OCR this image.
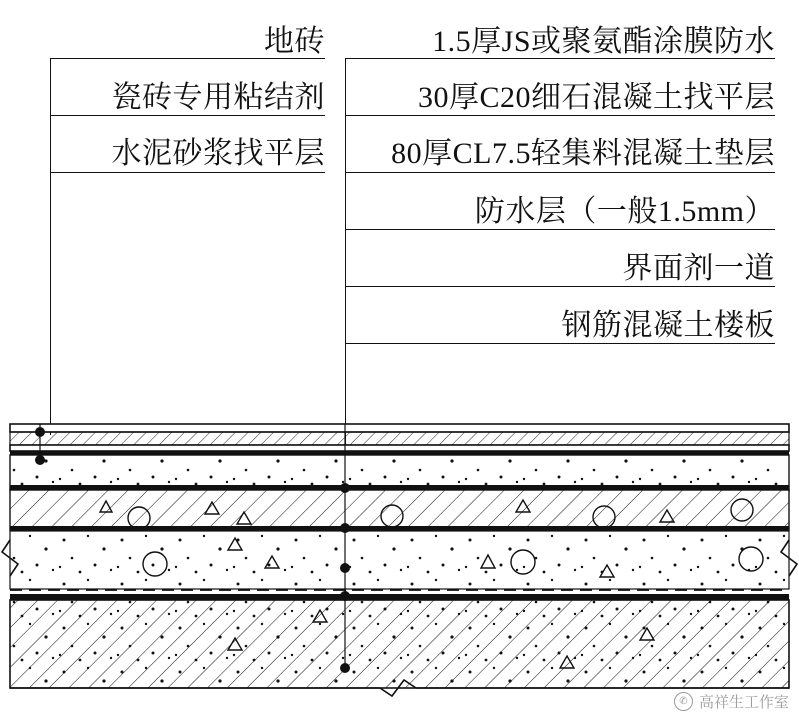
地砖
瓷砖专用粘结剂
水泥砂浆找平层
1.5厚JS或聚氨酯涂膜防水
30厚C20细石混凝土找平层
80厚CL7.5轻集料混凝土垫层
防水层（一般1.5mm）
界面剂一道
钢筋混凝土楼板
✆ 高祥生工作室
